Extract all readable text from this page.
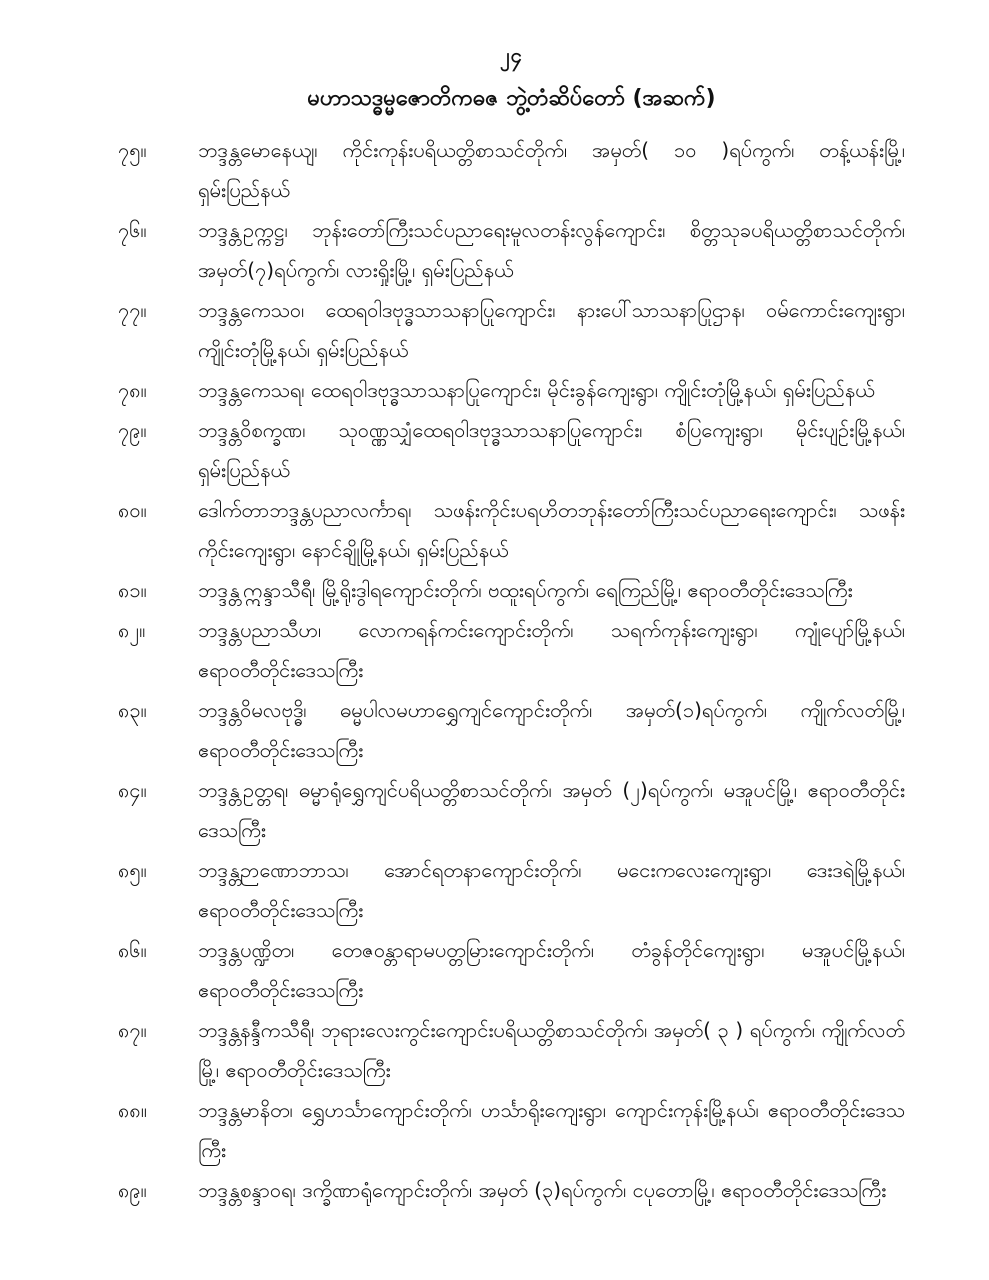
၂၄
မဟာသဒ္ဓမ္မဇောတိကဓဇ ဘွဲ့တံဆိပ်တော် (အဆက်)
၇၅။	ဘဒ္ဒန္တမောနေယျ၊ ကိုင်းကုန်းပရိယတ္တိစာသင်တိုက်၊ အမှတ်( ၁၀ )ရပ်ကွက်၊ တန့်ယန်းမြို့၊ ရှမ်းပြည်နယ်
၇၆။	ဘဒ္ဒန္တဥက္ကဋ္ဌ၊ ဘုန်းတော်ကြီးသင်ပညာရေးမူလတန်းလွန်ကျောင်း၊ စိတ္တသုခပရိယတ္တိစာသင်တိုက်၊ အမှတ်(၇)ရပ်ကွက်၊ လားရှိုးမြို့၊ ရှမ်းပြည်နယ်
၇၇။	ဘဒ္ဒန္တကေသဝ၊ ထေရဝါဒဗုဒ္ဓသာသနာပြုကျောင်း၊ နားပေါ်သာသနာပြုဌာန၊ ဝမ်ကောင်းကျေးရွာ၊ ကျိုင်းတုံမြို့နယ်၊ ရှမ်းပြည်နယ်
၇၈။	ဘဒ္ဒန္တကေသရ၊ ထေရဝါဒဗုဒ္ဓသာသနာပြုကျောင်း၊ မိုင်းခွန်ကျေးရွာ၊ ကျိုင်းတုံမြို့နယ်၊ ရှမ်းပြည်နယ်
၇၉။	ဘဒ္ဒန္တဝိစက္ခဏ၊ သုဝဏ္ဏသျှံထေရဝါဒဗုဒ္ဓသာသနာပြုကျောင်း၊ စံပြကျေးရွာ၊ မိုင်းပျဉ်းမြို့နယ်၊ ရှမ်းပြည်နယ်
၈၀။	ဒေါက်တာဘဒ္ဒန္တပညာလင်္ကာရ၊ သဖန်းကိုင်းပရဟိတဘုန်းတော်ကြီးသင်ပညာရေးကျောင်း၊ သဖန်းကိုင်းကျေးရွာ၊ နောင်ချိုမြို့နယ်၊ ရှမ်းပြည်နယ်
၈၁။	ဘဒ္ဒန္တဣန္ဒာသီရီ၊ မြို့ရိုးဒွါရကျောင်းတိုက်၊ ဗထူးရပ်ကွက်၊ ရေကြည်မြို့၊ ဧရာဝတီတိုင်းဒေသကြီး
၈၂။	ဘဒ္ဒန္တပညာသီဟ၊ လောကရန်ကင်းကျောင်းတိုက်၊ သရက်ကုန်းကျေးရွာ၊ ကျုံပျော်မြို့နယ်၊ ဧရာဝတီတိုင်းဒေသကြီး
၈၃။	ဘဒ္ဒန္တဝိမလဗုဒ္ဓိ၊ ဓမ္မပါလမဟာရွှေကျင်ကျောင်းတိုက်၊ အမှတ်(၁)ရပ်ကွက်၊ ကျိုက်လတ်မြို့၊ ဧရာဝတီတိုင်းဒေသကြီး
၈၄။	ဘဒ္ဒန္တဥတ္တရ၊ ဓမ္မာရုံရွှေကျင်ပရိယတ္တိစာသင်တိုက်၊ အမှတ် (၂)ရပ်ကွက်၊ မအူပင်မြို့၊ ဧရာဝတီတိုင်းဒေသကြီး
၈၅။	ဘဒ္ဒန္တဉာဏောဘာသ၊ အောင်ရတနာကျောင်းတိုက်၊ မငေးကလေးကျေးရွာ၊ ဒေးဒရဲမြို့နယ်၊ ဧရာဝတီတိုင်းဒေသကြီး
၈၆။	ဘဒ္ဒန္တပဏ္ဍိတ၊ တေဇဝန္တာရာမပတ္တမြားကျောင်းတိုက်၊ တံခွန်တိုင်ကျေးရွာ၊ မအူပင်မြို့နယ်၊ ဧရာဝတီတိုင်းဒေသကြီး
၈၇။	ဘဒ္ဒန္တနန္ဒီကသီရီ၊ ဘုရားလေးကွင်းကျောင်းပရိယတ္တိစာသင်တိုက်၊ အမှတ်( ၃ ) ရပ်ကွက်၊ ကျိုက်လတ်မြို့၊ ဧရာဝတီတိုင်းဒေသကြီး
၈၈။	ဘဒ္ဒန္တမာနိတ၊ ရွှေဟင်္သာကျောင်းတိုက်၊ ဟင်္သာရိုးကျေးရွာ၊ ကျောင်းကုန်းမြို့နယ်၊ ဧရာဝတီတိုင်းဒေသကြီး
၈၉။	ဘဒ္ဒန္တစန္ဒာဝရ၊ ဒက္ခိဏာရုံကျောင်းတိုက်၊ အမှတ် (၃)ရပ်ကွက်၊ ငပုတောမြို့၊ ဧရာဝတီတိုင်းဒေသကြီး
